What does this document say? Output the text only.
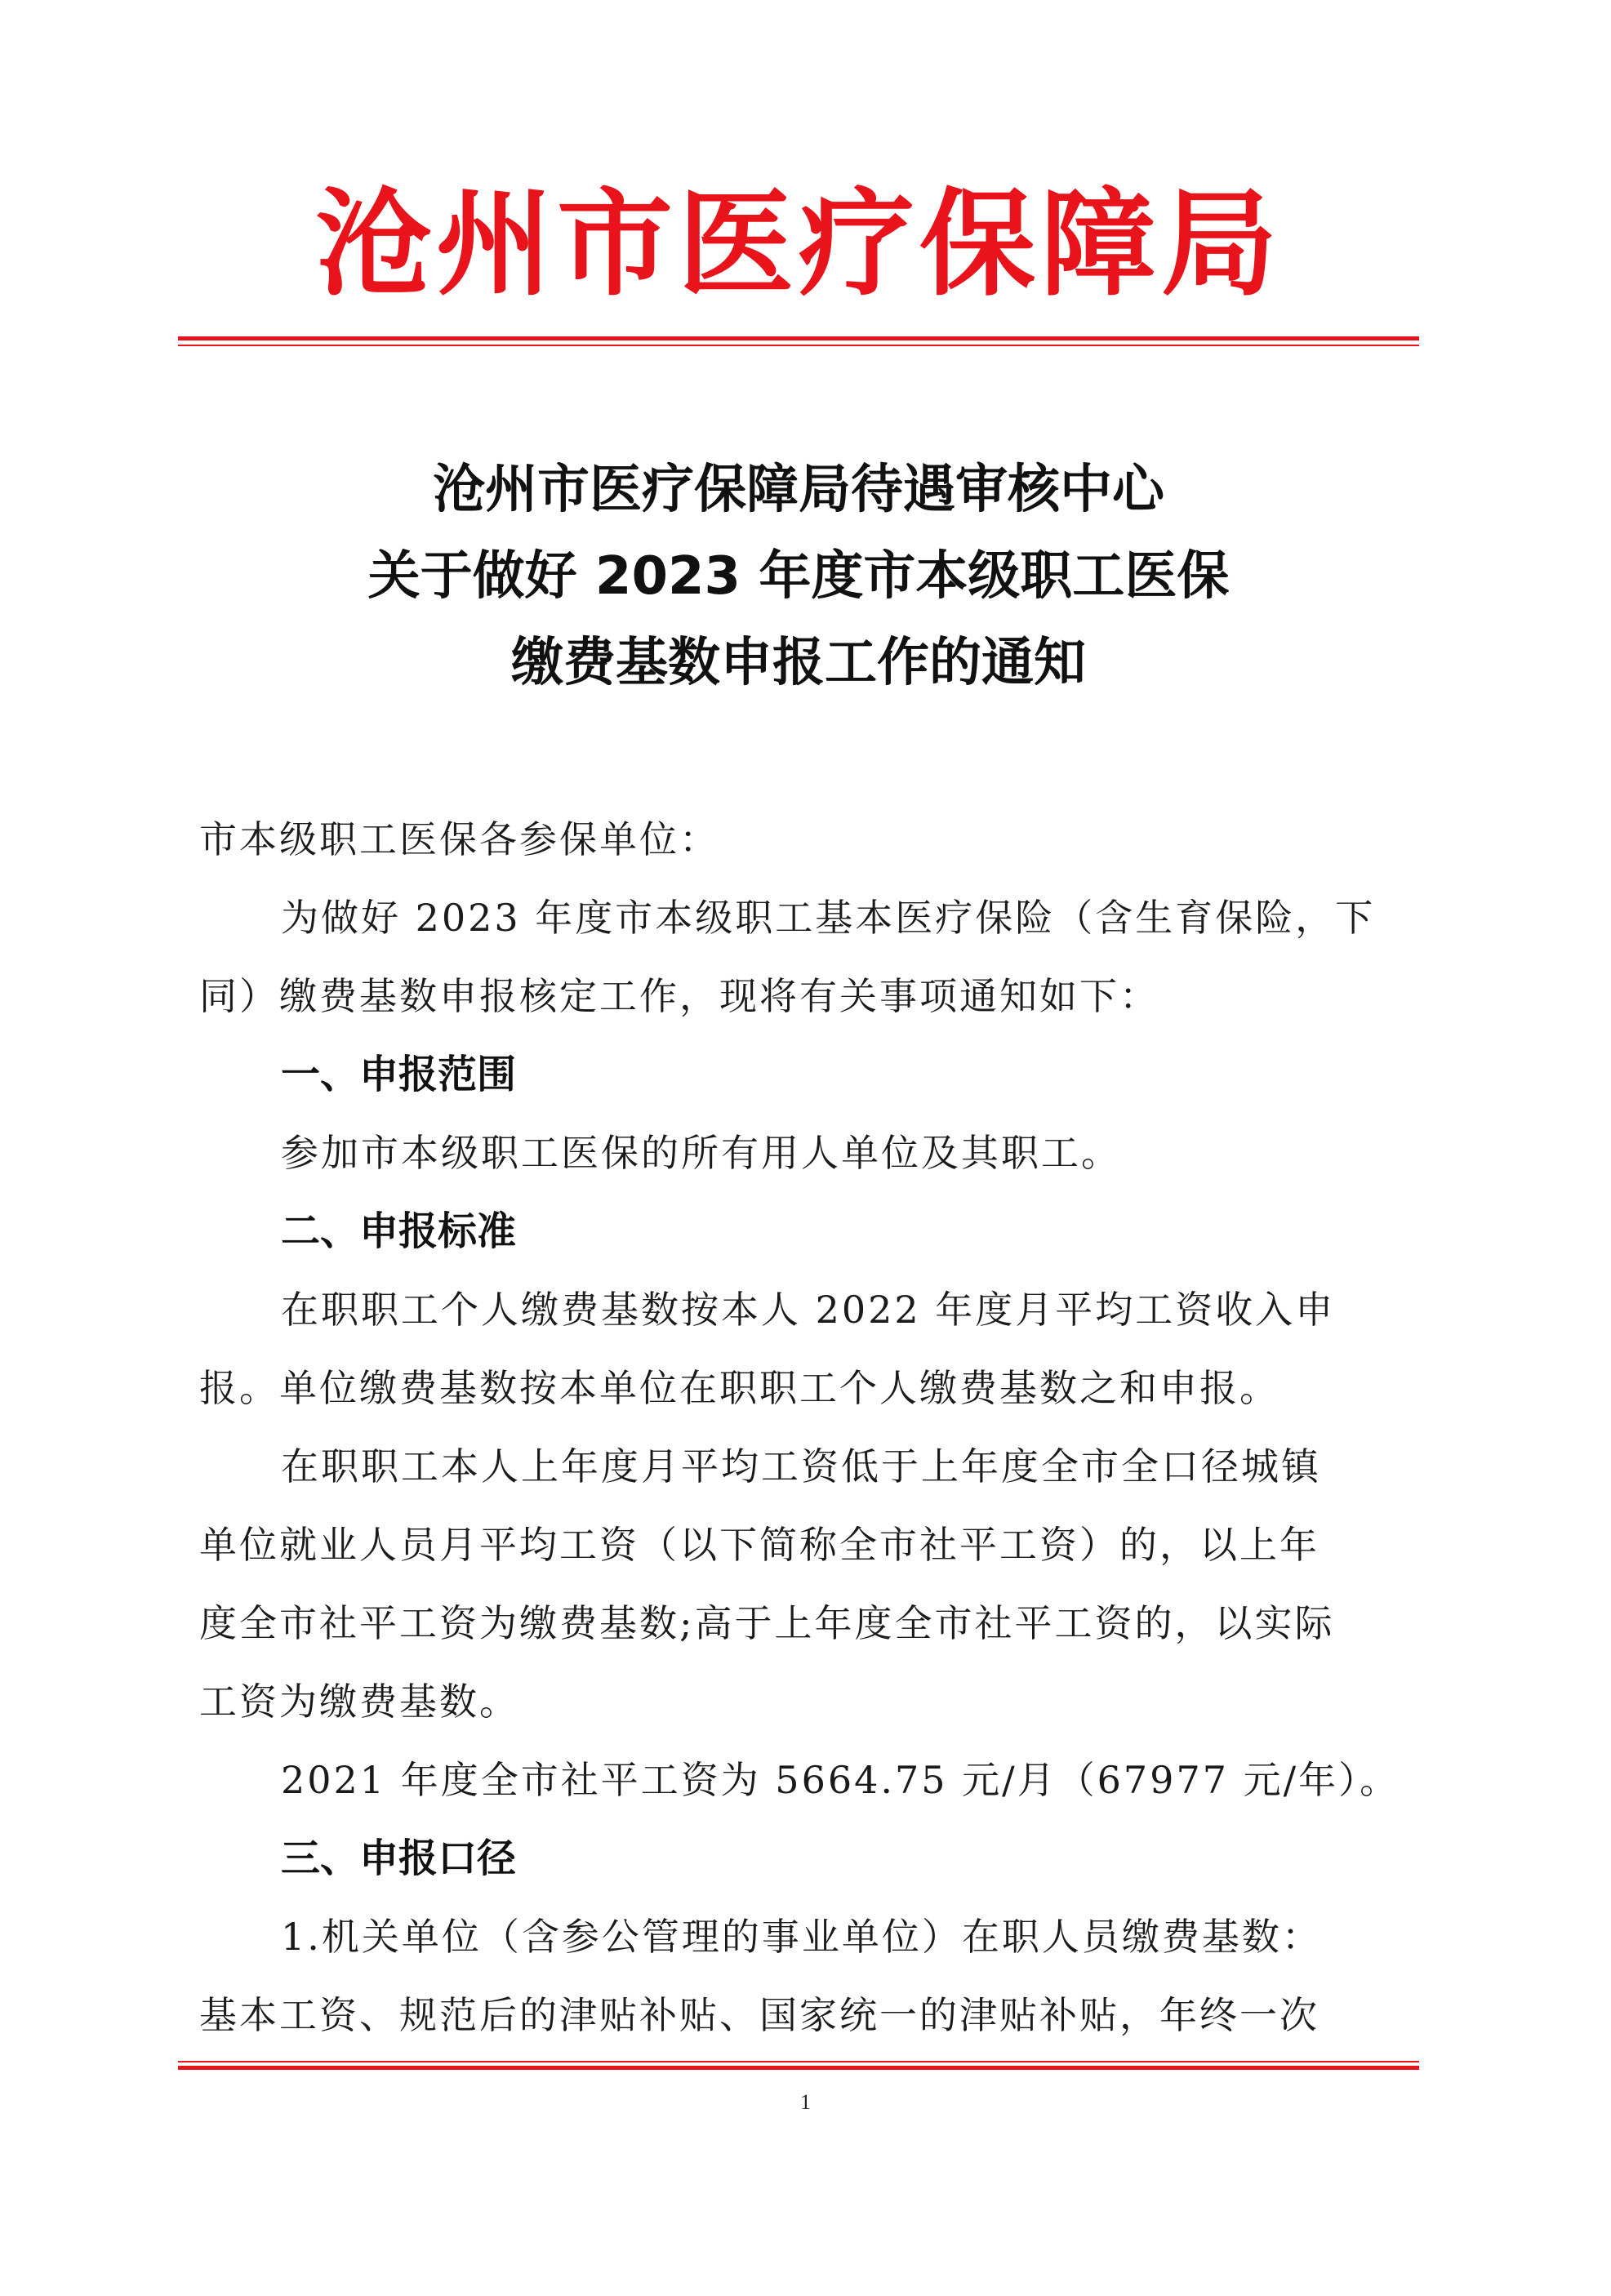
沧州市医疗保障局
沧州市医疗保障局待遇审核中心
关于做好 2023 年度市本级职工医保
缴费基数申报工作的通知
市本级职工医保各参保单位：
为做好 2023 年度市本级职工基本医疗保险（含生育保险，下
同）缴费基数申报核定工作，现将有关事项通知如下：
一、申报范围
参加市本级职工医保的所有用人单位及其职工。
二、申报标准
在职职工个人缴费基数按本人 2022 年度月平均工资收入申
报。单位缴费基数按本单位在职职工个人缴费基数之和申报。
在职职工本人上年度月平均工资低于上年度全市全口径城镇
单位就业人员月平均工资（以下简称全市社平工资）的，以上年
度全市社平工资为缴费基数;高于上年度全市社平工资的，以实际
工资为缴费基数。
2021 年度全市社平工资为 5664.75 元/月（67977 元/年）。
三、申报口径
1.机关单位（含参公管理的事业单位）在职人员缴费基数：
基本工资、规范后的津贴补贴、国家统一的津贴补贴，年终一次
1
